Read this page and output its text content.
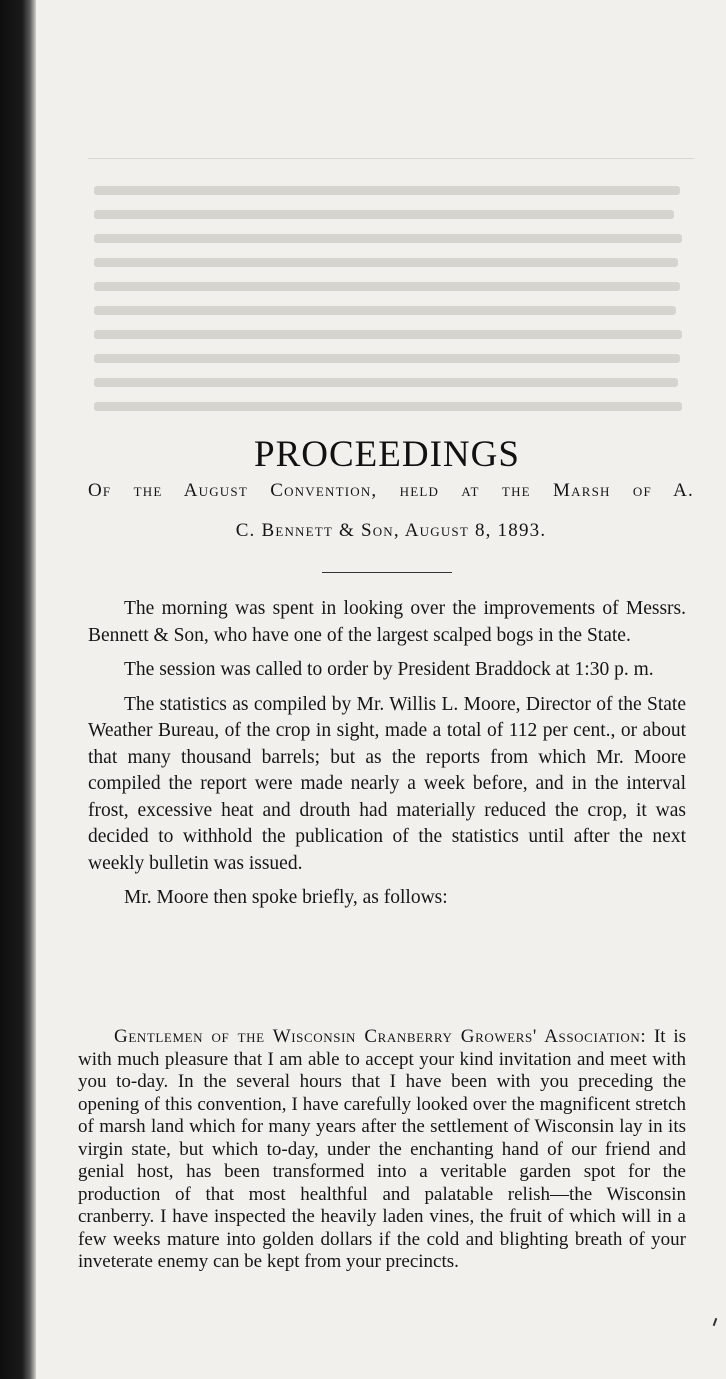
PROCEEDINGS
Of the August Convention, held at the Marsh of A.
C. Bennett & Son, August 8, 1893.

The morning was spent in looking over the improvements of Messrs. Bennett & Son, who have one of the largest scalped bogs in the State.

The session was called to order by President Braddock at 1:30 p. m.

The statistics as compiled by Mr. Willis L. Moore, Director of the State Weather Bureau, of the crop in sight, made a total of 112 per cent., or about that many thousand barrels; but as the reports from which Mr. Moore compiled the report were made nearly a week before, and in the interval frost, excessive heat and drouth had materially reduced the crop, it was decided to withhold the publication of the statistics until after the next weekly bulletin was issued.

Mr. Moore then spoke briefly, as follows:

Gentlemen of the Wisconsin Cranberry Growers' Association: It is with much pleasure that I am able to accept your kind invitation and meet with you to-day. In the several hours that I have been with you preceding the opening of this convention, I have carefully looked over the magnificent stretch of marsh land which for many years after the settlement of Wisconsin lay in its virgin state, but which to-day, under the enchanting hand of our friend and genial host, has been transformed into a veritable garden spot for the production of that most healthful and palatable relish—the Wisconsin cranberry. I have inspected the heavily laden vines, the fruit of which will in a few weeks mature into golden dollars if the cold and blighting breath of your inveterate enemy can be kept from your precincts.
